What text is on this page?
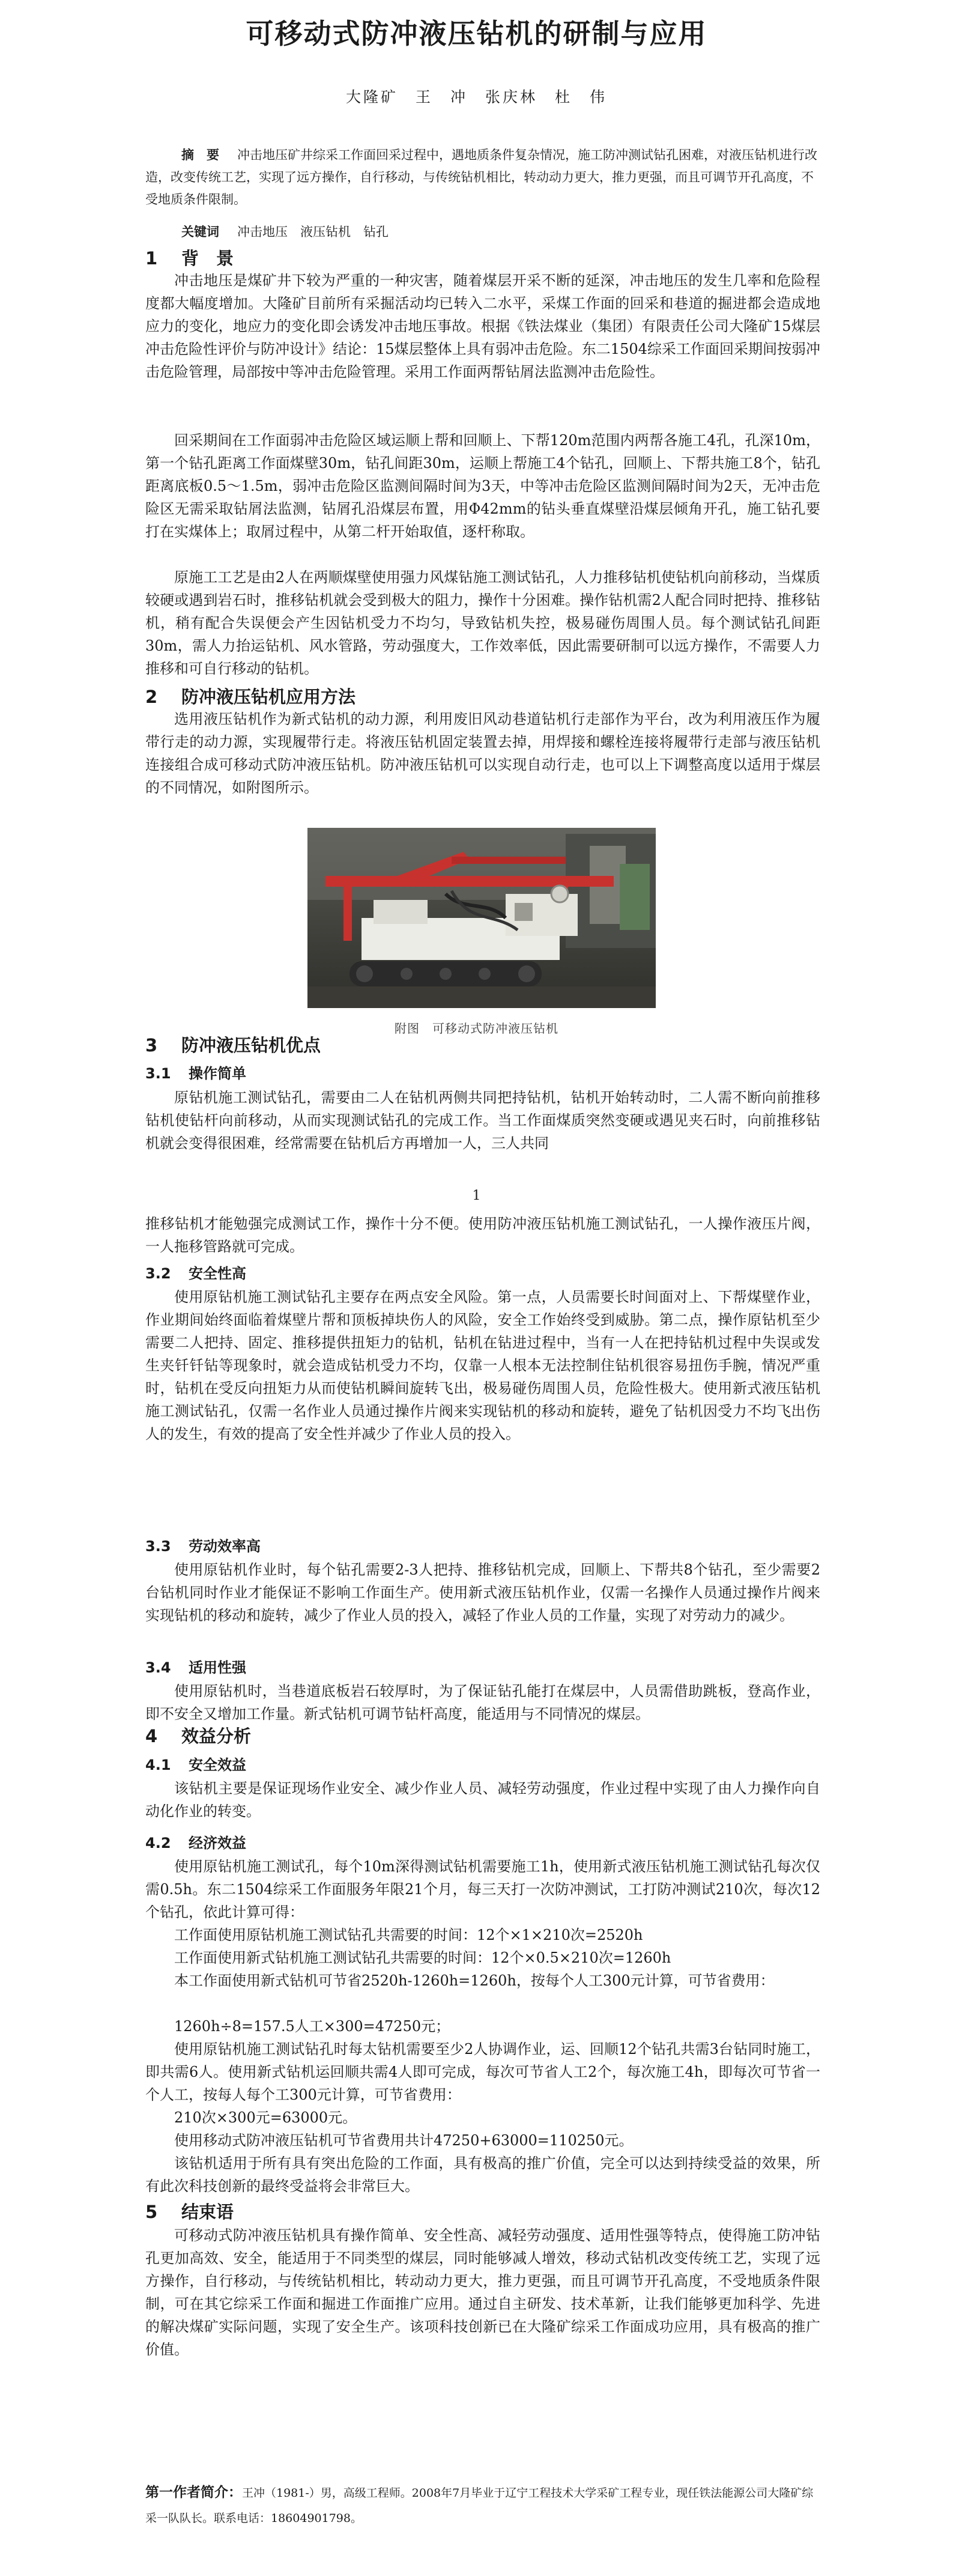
可移动式防冲液压钻机的研制与应用
大隆矿　王　冲　张庆林　杜　伟
摘　要 冲击地压矿井综采工作面回采过程中，遇地质条件复杂情况，施工防冲测试钻孔困难，对液压钻机进行改造，改变传统工艺，实现了远方操作，自行移动，与传统钻机相比，转动动力更大，推力更强，而且可调节开孔高度，不受地质条件限制。
关键词 冲击地压　液压钻机　钻孔
1 背　景

冲击地压是煤矿井下较为严重的一种灾害，随着煤层开采不断的延深，冲击地压的发生几率和危险程度都大幅度增加。大隆矿目前所有采掘活动均已转入二水平，采煤工作面的回采和巷道的掘进都会造成地应力的变化，地应力的变化即会诱发冲击地压事故。根据《铁法煤业（集团）有限责任公司大隆矿15煤层冲击危险性评价与防冲设计》结论：15煤层整体上具有弱冲击危险。东二1504综采工作面回采期间按弱冲击危险管理，局部按中等冲击危险管理。采用工作面两帮钻屑法监测冲击危险性。

回采期间在工作面弱冲击危险区域运顺上帮和回顺上、下帮120m范围内两帮各施工4孔，孔深10m，第一个钻孔距离工作面煤壁30m，钻孔间距30m，运顺上帮施工4个钻孔，回顺上、下帮共施工8个，钻孔距离底板0.5～1.5m，弱冲击危险区监测间隔时间为3天，中等冲击危险区监测间隔时间为2天，无冲击危险区无需采取钻屑法监测，钻屑孔沿煤层布置，用Φ42mm的钻头垂直煤壁沿煤层倾角开孔，施工钻孔要打在实煤体上；取屑过程中，从第二杆开始取值，逐杆称取。

原施工工艺是由2人在两顺煤壁使用强力风煤钻施工测试钻孔，人力推移钻机使钻机向前移动，当煤质较硬或遇到岩石时，推移钻机就会受到极大的阻力，操作十分困难。操作钻机需2人配合同时把持、推移钻机，稍有配合失误便会产生因钻机受力不均匀，导致钻机失控，极易碰伤周围人员。每个测试钻孔间距30m，需人力抬运钻机、风水管路，劳动强度大，工作效率低，因此需要研制可以远方操作，不需要人力推移和可自行移动的钻机。

2 防冲液压钻机应用方法

选用液压钻机作为新式钻机的动力源，利用废旧风动巷道钻机行走部作为平台，改为利用液压作为履带行走的动力源，实现履带行走。将液压钻机固定装置去掉，用焊接和螺栓连接将履带行走部与液压钻机连接组合成可移动式防冲液压钻机。防冲液压钻机可以实现自动行走，也可以上下调整高度以适用于煤层的不同情况，如附图所示。

附图　可移动式防冲液压钻机
3 防冲液压钻机优点
3.1 操作简单

原钻机施工测试钻孔，需要由二人在钻机两侧共同把持钻机，钻机开始转动时，二人需不断向前推移钻机使钻杆向前移动，从而实现测试钻孔的完成工作。当工作面煤质突然变硬或遇见夹石时，向前推移钻机就会变得很困难，经常需要在钻机后方再增加一人，三人共同

1

推移钻机才能勉强完成测试工作，操作十分不便。使用防冲液压钻机施工测试钻孔，一人操作液压片阀，一人拖移管路就可完成。

3.2 安全性高

使用原钻机施工测试钻孔主要存在两点安全风险。第一点，人员需要长时间面对上、下帮煤壁作业，作业期间始终面临着煤壁片帮和顶板掉块伤人的风险，安全工作始终受到威胁。第二点，操作原钻机至少需要二人把持、固定、推移提供扭矩力的钻机，钻机在钻进过程中，当有一人在把持钻机过程中失误或发生夹钎钎钻等现象时，就会造成钻机受力不均，仅靠一人根本无法控制住钻机很容易扭伤手腕，情况严重时，钻机在受反向扭矩力从而使钻机瞬间旋转飞出，极易碰伤周围人员，危险性极大。使用新式液压钻机施工测试钻孔，仅需一名作业人员通过操作片阀来实现钻机的移动和旋转，避免了钻机因受力不均飞出伤人的发生，有效的提高了安全性并减少了作业人员的投入。

3.3 劳动效率高

使用原钻机作业时，每个钻孔需要2-3人把持、推移钻机完成，回顺上、下帮共8个钻孔，至少需要2台钻机同时作业才能保证不影响工作面生产。使用新式液压钻机作业，仅需一名操作人员通过操作片阀来实现钻机的移动和旋转，减少了作业人员的投入，减轻了作业人员的工作量，实现了对劳动力的减少。

3.4 适用性强

使用原钻机时，当巷道底板岩石较厚时，为了保证钻孔能打在煤层中，人员需借助跳板，登高作业，即不安全又增加工作量。新式钻机可调节钻杆高度，能适用与不同情况的煤层。

4 效益分析
4.1 安全效益

该钻机主要是保证现场作业安全、减少作业人员、减轻劳动强度，作业过程中实现了由人力操作向自动化作业的转变。

4.2 经济效益

使用原钻机施工测试孔，每个10m深得测试钻机需要施工1h，使用新式液压钻机施工测试钻孔每次仅需0.5h。东二1504综采工作面服务年限21个月，每三天打一次防冲测试，工打防冲测试210次，每次12个钻孔，依此计算可得：

工作面使用原钻机施工测试钻孔共需要的时间：12个×1×210次=2520h

工作面使用新式钻机施工测试钻孔共需要的时间：12个×0.5×210次=1260h

本工作面使用新式钻机可节省2520h-1260h=1260h，按每个人工300元计算，可节省费用：

1260h÷8=157.5人工×300=47250元；

使用原钻机施工测试钻孔时每太钻机需要至少2人协调作业，运、回顺12个钻孔共需3台钻同时施工，即共需6人。使用新式钻机运回顺共需4人即可完成，每次可节省人工2个，每次施工4h，即每次可节省一个人工，按每人每个工300元计算，可节省费用：

210次×300元=63000元。

使用移动式防冲液压钻机可节省费用共计47250+63000=110250元。

该钻机适用于所有具有突出危险的工作面，具有极高的推广价值，完全可以达到持续受益的效果，所有此次科技创新的最终受益将会非常巨大。

5 结束语

可移动式防冲液压钻机具有操作简单、安全性高、减轻劳动强度、适用性强等特点，使得施工防冲钻孔更加高效、安全，能适用于不同类型的煤层，同时能够减人增效，移动式钻机改变传统工艺，实现了远方操作，自行移动，与传统钻机相比，转动动力更大，推力更强，而且可调节开孔高度，不受地质条件限制，可在其它综采工作面和掘进工作面推广应用。通过自主研发、技术革新，让我们能够更加科学、先进的解决煤矿实际问题，实现了安全生产。该项科技创新已在大隆矿综采工作面成功应用，具有极高的推广价值。

第一作者简介：王冲（1981-）男，高级工程师。2008年7月毕业于辽宁工程技术大学采矿工程专业，现任铁法能源公司大隆矿综采一队队长。联系电话：18604901798。
